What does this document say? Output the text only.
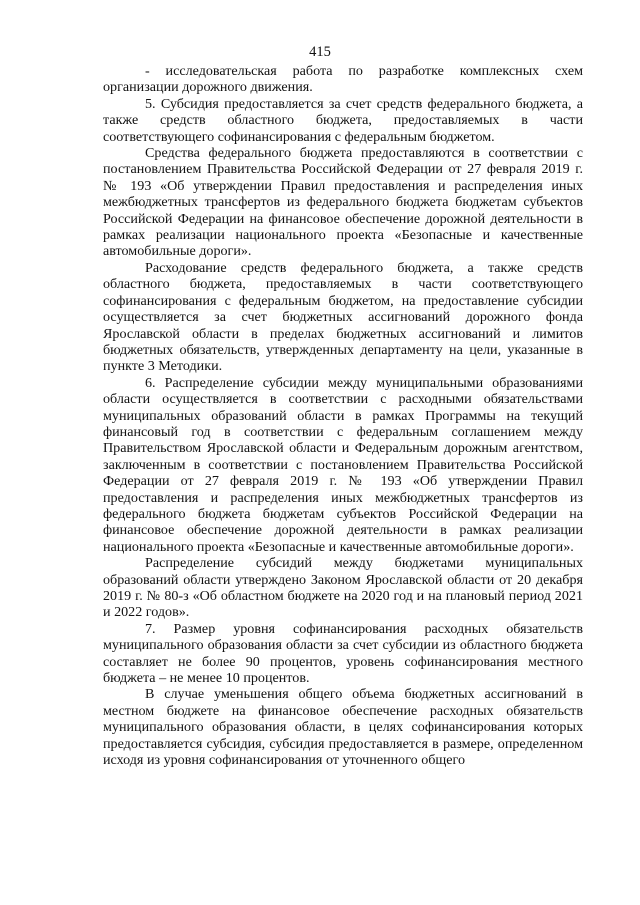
415

- исследовательская работа по разработке комплексных схем организации дорожного движения.

5. Субсидия предоставляется за счет средств федерального бюджета, а также средств областного бюджета, предоставляемых в части соответствующего софинансирования с федеральным бюджетом.

Средства федерального бюджета предоставляются в соответствии с постановлением Правительства Российской Федерации от 27 февраля 2019 г. № 193 «Об утверждении Правил предоставления и распределения иных межбюджетных трансфертов из федерального бюджета бюджетам субъектов Российской Федерации на финансовое обеспечение дорожной деятельности в рамках реализации национального проекта «Безопасные и качественные автомобильные дороги».

Расходование средств федерального бюджета, а также средств областного бюджета, предоставляемых в части соответствующего софинансирования с федеральным бюджетом, на предоставление субсидии осуществляется за счет бюджетных ассигнований дорожного фонда Ярославской области в пределах бюджетных ассигнований и лимитов бюджетных обязательств, утвержденных департаменту на цели, указанные в пункте 3 Методики.

6. Распределение субсидии между муниципальными образованиями области осуществляется в соответствии с расходными обязательствами муниципальных образований области в рамках Программы на текущий финансовый год в соответствии с федеральным соглашением между Правительством Ярославской области и Федеральным дорожным агентством, заключенным в соответствии с постановлением Правительства Российской Федерации от 27 февраля 2019 г. № 193 «Об утверждении Правил предоставления и распределения иных межбюджетных трансфертов из федерального бюджета бюджетам субъектов Российской Федерации на финансовое обеспечение дорожной деятельности в рамках реализации национального проекта «Безопасные и качественные автомобильные дороги».

Распределение субсидий между бюджетами муниципальных образований области утверждено Законом Ярославской области от 20 декабря 2019 г. № 80-з «Об областном бюджете на 2020 год и на плановый период 2021 и 2022 годов».

7. Размер уровня софинансирования расходных обязательств муниципального образования области за счет субсидии из областного бюджета составляет не более 90 процентов, уровень софинансирования местного бюджета – не менее 10 процентов.

В случае уменьшения общего объема бюджетных ассигнований в местном бюджете на финансовое обеспечение расходных обязательств муниципального образования области, в целях софинансирования которых предоставляется субсидия, субсидия предоставляется в размере, определенном исходя из уровня софинансирования от уточненного общего
